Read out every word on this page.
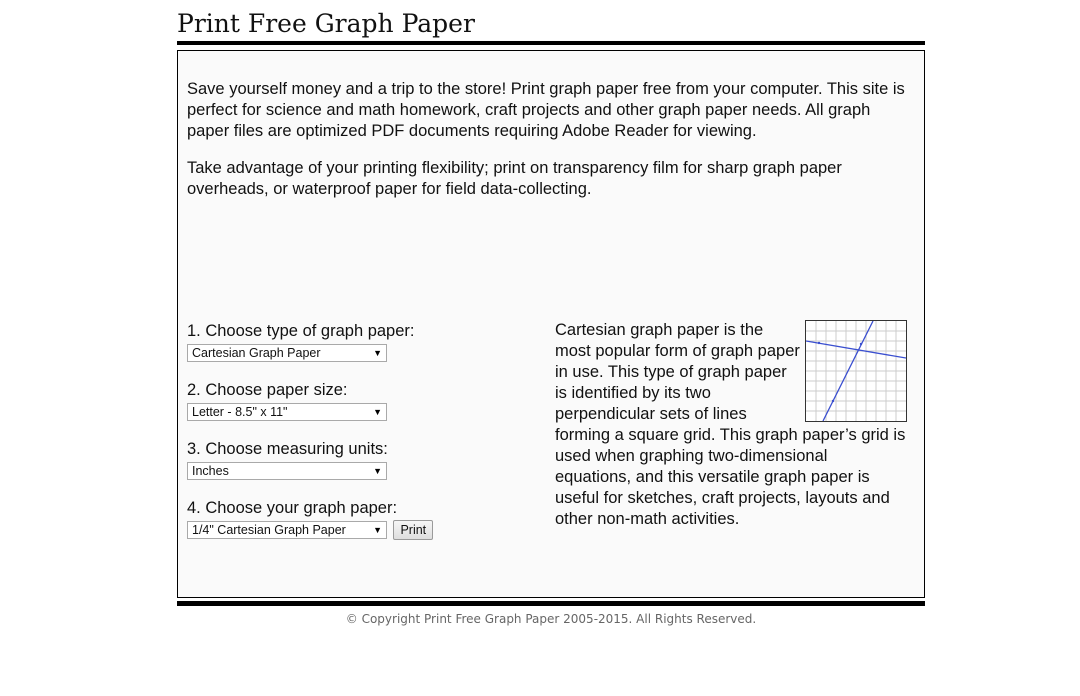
Print Free Graph Paper

Save yourself money and a trip to the store! Print graph paper free from your computer. This site is perfect for science and math homework, craft projects and other graph paper needs. All graph paper files are optimized PDF documents requiring Adobe Reader for viewing.

Take advantage of your printing flexibility; print on transparency film for sharp graph paper overheads, or waterproof paper for field data-collecting.

1. Choose type of graph paper:
Cartesian Graph Paper	▼
2. Choose paper size:
Letter - 8.5" x 11"	▼
3. Choose measuring units:
Inches	▼
4. Choose your graph paper:
1/4" Cartesian Graph Paper	▼ Print

Cartesian graph paper is the most popular form of graph paper in use. This type of graph paper is identified by its two perpendicular sets of lines forming a square grid. This graph paper’s grid is used when graphing two-dimensional equations, and this versatile graph paper is useful for sketches, craft projects, layouts and other non-math activities.

© Copyright Print Free Graph Paper 2005-2015. All Rights Reserved.
